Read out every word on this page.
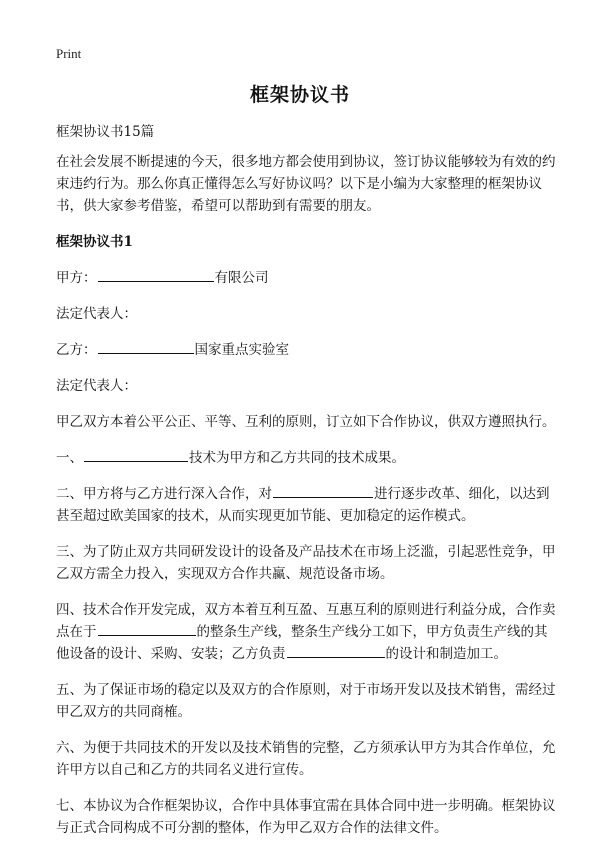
Print
框架协议书

框架协议书15篇

在社会发展不断提速的今天，很多地方都会使用到协议，签订协议能够较为有效的约束违约行为。那么你真正懂得怎么写好协议吗？以下是小编为大家整理的框架协议书，供大家参考借鉴，希望可以帮助到有需要的朋友。

框架协议书1

甲方：	有限公司

法定代表人：

乙方：	国家重点实验室

法定代表人：

甲乙双方本着公平公正、平等、互利的原则，订立如下合作协议，供双方遵照执行。

一、	技术为甲方和乙方共同的技术成果。

二、甲方将与乙方进行深入合作，对	进行逐步改革、细化，以达到甚至超过欧美国家的技术，从而实现更加节能、更加稳定的运作模式。

三、为了防止双方共同研发设计的设备及产品技术在市场上泛滥，引起恶性竞争，甲乙双方需全力投入，实现双方合作共赢、规范设备市场。

四、技术合作开发完成，双方本着互利互盈、互惠互利的原则进行利益分成，合作卖点在于	的整条生产线，整条生产线分工如下，甲方负责生产线的其他设备的设计、采购、安装；乙方负责	的设计和制造加工。

五、为了保证市场的稳定以及双方的合作原则，对于市场开发以及技术销售，需经过甲乙双方的共同商榷。

六、为便于共同技术的开发以及技术销售的完整，乙方须承认甲方为其合作单位，允许甲方以自己和乙方的共同名义进行宣传。

七、本协议为合作框架协议，合作中具体事宜需在具体合同中进一步明确。框架协议与正式合同构成不可分割的整体，作为甲乙双方合作的法律文件。
